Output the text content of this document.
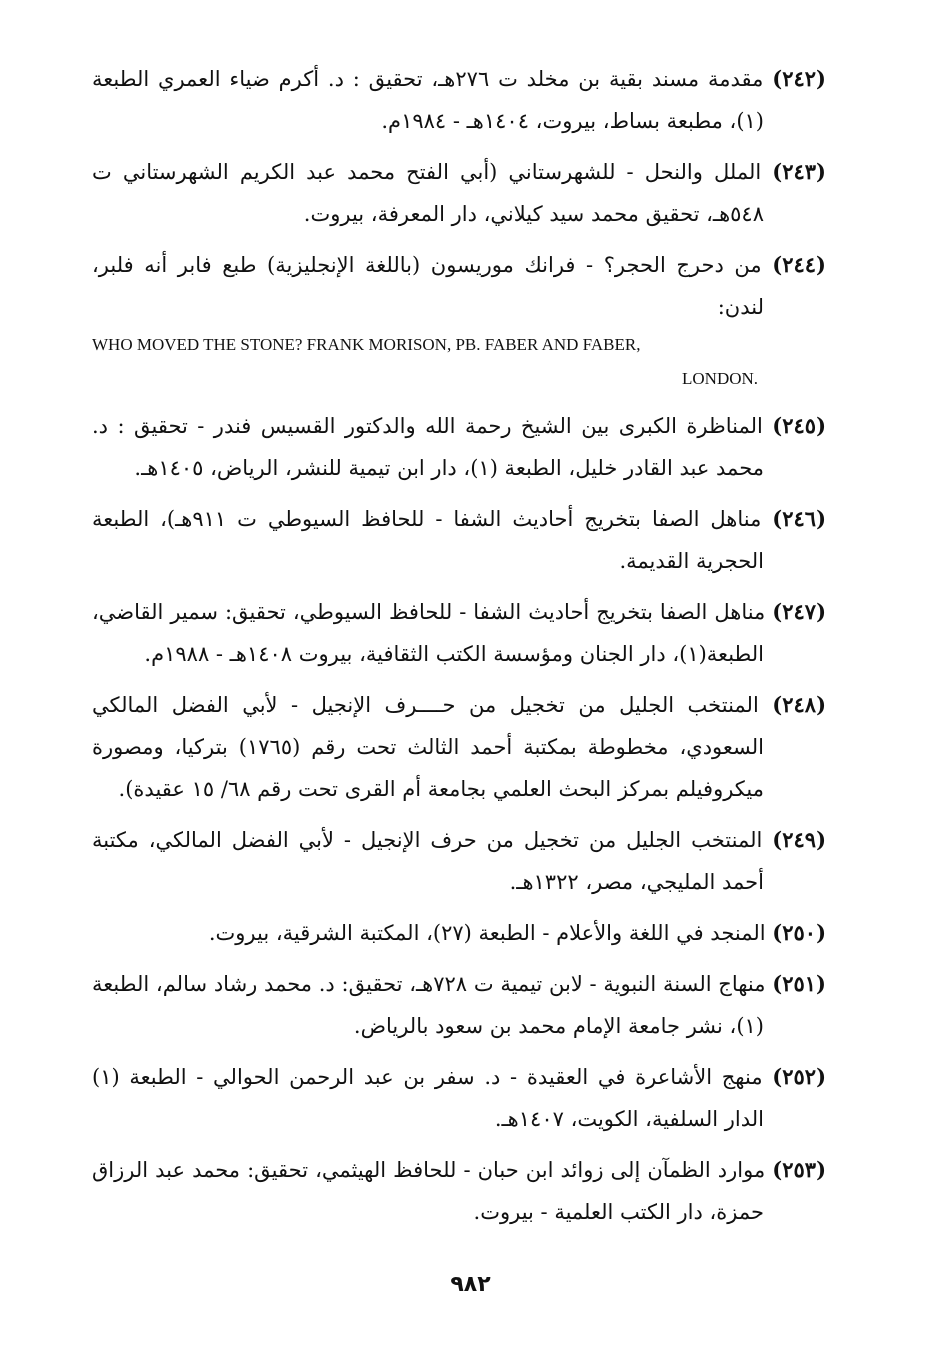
(٢٤٢) مقدمة مسند بقية بن مخلد ت ٢٧٦هـ، تحقيق : د. أكرم ضياء العمري الطبعة (١)، مطبعة بساط، بيروت، ١٤٠٤هـ - ١٩٨٤م.

(٢٤٣) الملل والنحل - للشهرستاني (أبي الفتح محمد عبد الكريم الشهرستاني ت ٥٤٨هـ، تحقيق محمد سيد كيلاني، دار المعرفة، بيروت.

(٢٤٤) من دحرج الحجر؟ - فرانك موريسون (باللغة الإنجليزية) طبع فابر أنه فلبر، لندن:
WHO MOVED THE STONE? FRANK MORISON, PB. FABER AND FABER,
LONDON.

(٢٤٥) المناظرة الكبرى بين الشيخ رحمة الله والدكتور القسيس فندر - تحقيق : د. محمد عبد القادر خليل، الطبعة (١)، دار ابن تيمية للنشر، الرياض، ١٤٠٥هـ.

(٢٤٦) مناهل الصفا بتخريج أحاديث الشفا - للحافظ السيوطي ت ٩١١هـ)، الطبعة الحجرية القديمة.

(٢٤٧) مناهل الصفا بتخريج أحاديث الشفا - للحافظ السيوطي، تحقيق: سمير القاضي، الطبعة(١)، دار الجنان ومؤسسة الكتب الثقافية، بيروت ١٤٠٨هـ - ١٩٨٨م.

(٢٤٨) المنتخب الجليل من تخجيل من حــــرف الإنجيل - لأبي الفضل المالكي السعودي، مخطوطة بمكتبة أحمد الثالث تحت رقم (١٧٦٥) بتركيا، ومصورة ميكروفيلم بمركز البحث العلمي بجامعة أم القرى تحت رقم ٦٨/ ١٥ عقيدة).

(٢٤٩) المنتخب الجليل من تخجيل من حرف الإنجيل - لأبي الفضل المالكي، مكتبة أحمد المليجي، مصر، ١٣٢٢هـ.

(٢٥٠) المنجد في اللغة والأعلام - الطبعة (٢٧)، المكتبة الشرقية، بيروت.

(٢٥١) منهاج السنة النبوية - لابن تيمية ت ٧٢٨هـ، تحقيق: د. محمد رشاد سالم، الطبعة (١)، نشر جامعة الإمام محمد بن سعود بالرياض.

(٢٥٢) منهج الأشاعرة في العقيدة - د. سفر بن عبد الرحمن الحوالي - الطبعة (١) الدار السلفية، الكويت، ١٤٠٧هـ.

(٢٥٣) موارد الظمآن إلى زوائد ابن حبان - للحافظ الهيثمي، تحقيق: محمد عبد الرزاق حمزة، دار الكتب العلمية - بيروت.

٩٨٢
